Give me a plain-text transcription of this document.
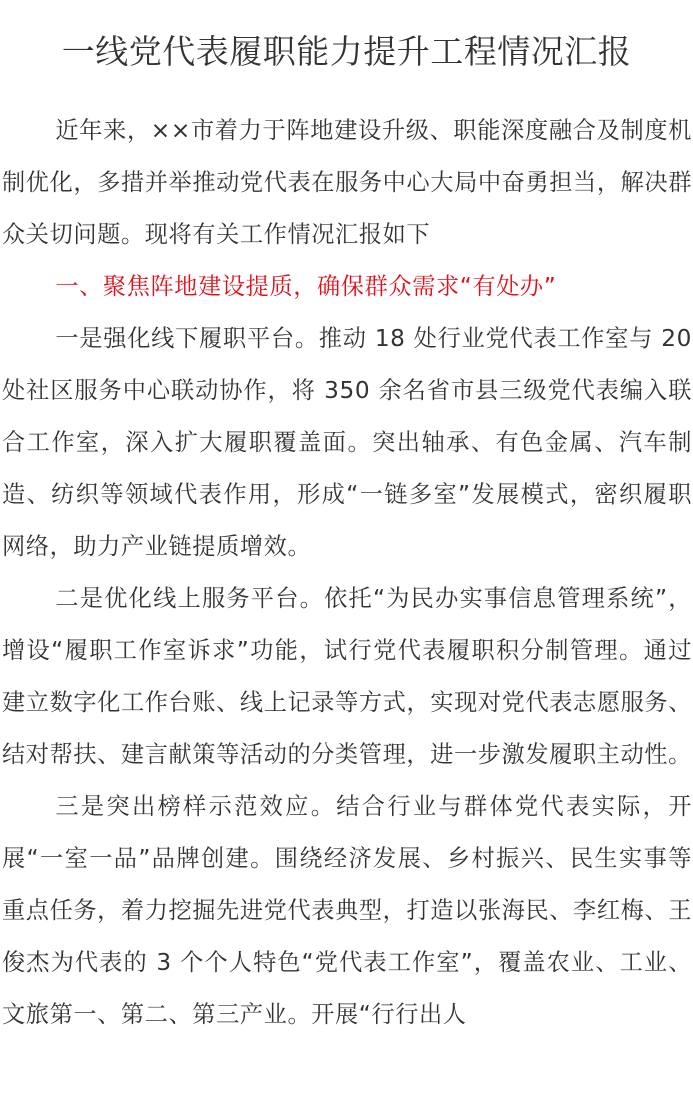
一线党代表履职能力提升工程情况汇报

近年来，××市着力于阵地建设升级、职能深度融合及制度机制优化，多措并举推动党代表在服务中心大局中奋勇担当，解决群众关切问题。现将有关工作情况汇报如下

一、聚焦阵地建设提质，确保群众需求“有处办”

一是强化线下履职平台。推动 18 处行业党代表工作室与 20 处社区服务中心联动协作，将 350 余名省市县三级党代表编入联合工作室，深入扩大履职覆盖面。突出轴承、有色金属、汽车制造、纺织等领域代表作用，形成“一链多室”发展模式，密织履职网络，助力产业链提质增效。

二是优化线上服务平台。依托“为民办实事信息管理系统”，增设“履职工作室诉求”功能，试行党代表履职积分制管理。通过建立数字化工作台账、线上记录等方式，实现对党代表志愿服务、结对帮扶、建言献策等活动的分类管理，进一步激发履职主动性。

三是突出榜样示范效应。结合行业与群体党代表实际，开展“一室一品”品牌创建。围绕经济发展、乡村振兴、民生实事等重点任务，着力挖掘先进党代表典型，打造以张海民、李红梅、王俊杰为代表的 3 个个人特色“党代表工作室”，覆盖农业、工业、文旅第一、第二、第三产业。开展“行行出人
